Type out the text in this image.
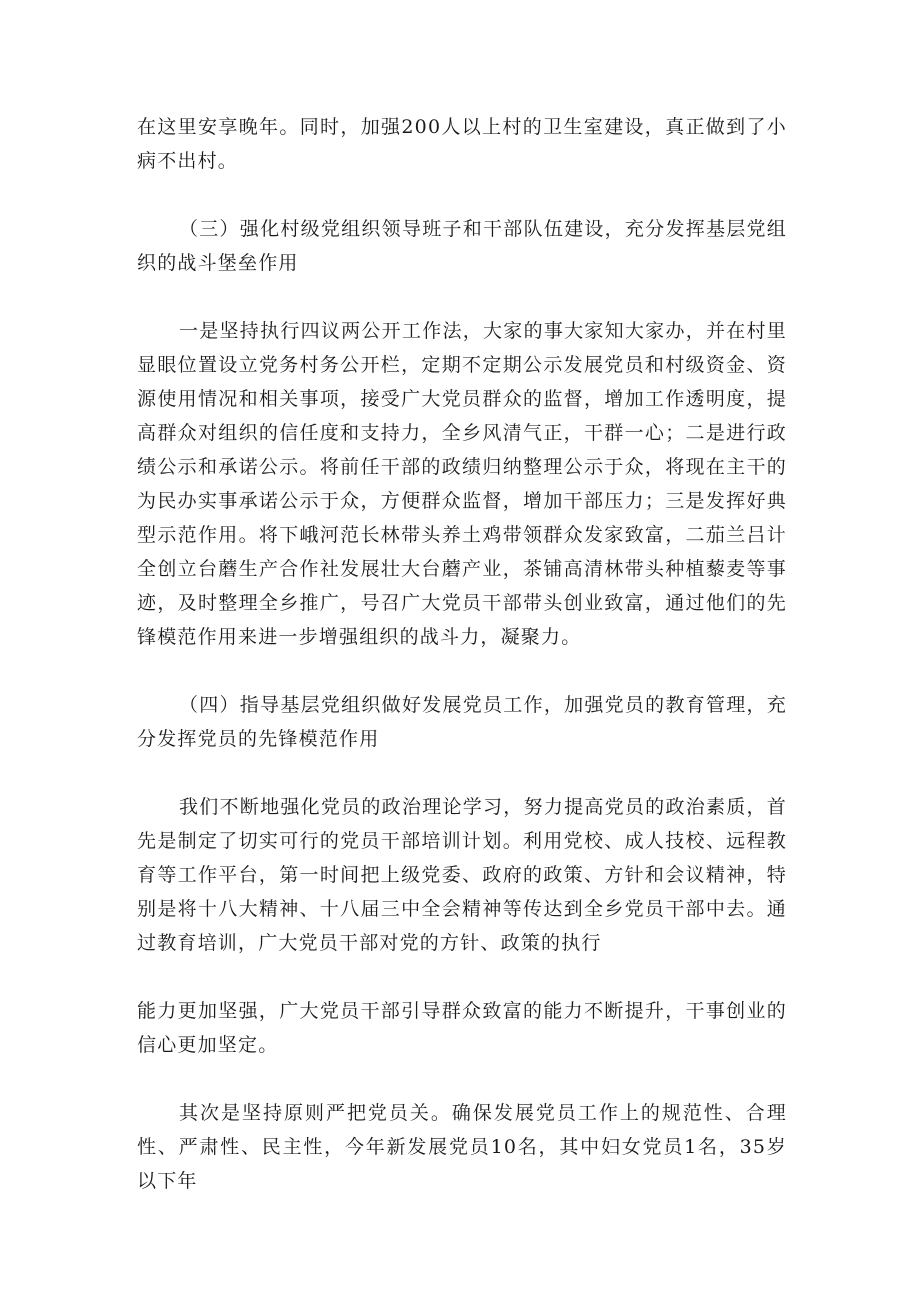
在这里安享晚年。同时，加强200人以上村的卫生室建设，真正做到了小病不出村。

（三）强化村级党组织领导班子和干部队伍建设，充分发挥基层党组织的战斗堡垒作用

一是坚持执行四议两公开工作法，大家的事大家知大家办，并在村里显眼位置设立党务村务公开栏，定期不定期公示发展党员和村级资金、资源使用情况和相关事项，接受广大党员群众的监督，增加工作透明度，提高群众对组织的信任度和支持力，全乡风清气正，干群一心；二是进行政绩公示和承诺公示。将前任干部的政绩归纳整理公示于众，将现在主干的为民办实事承诺公示于众，方便群众监督，增加干部压力；三是发挥好典型示范作用。将下峨河范长林带头养土鸡带领群众发家致富，二茄兰吕计全创立台蘑生产合作社发展壮大台蘑产业，茶铺高清林带头种植藜麦等事迹，及时整理全乡推广，号召广大党员干部带头创业致富，通过他们的先锋模范作用来进一步增强组织的战斗力，凝聚力。

（四）指导基层党组织做好发展党员工作，加强党员的教育管理，充分发挥党员的先锋模范作用

我们不断地强化党员的政治理论学习，努力提高党员的政治素质，首先是制定了切实可行的党员干部培训计划。利用党校、成人技校、远程教育等工作平台，第一时间把上级党委、政府的政策、方针和会议精神，特别是将十八大精神、十八届三中全会精神等传达到全乡党员干部中去。通过教育培训，广大党员干部对党的方针、政策的执行

能力更加坚强，广大党员干部引导群众致富的能力不断提升，干事创业的信心更加坚定。

其次是坚持原则严把党员关。确保发展党员工作上的规范性、合理性、严肃性、民主性，今年新发展党员10名，其中妇女党员1名，35岁以下年
